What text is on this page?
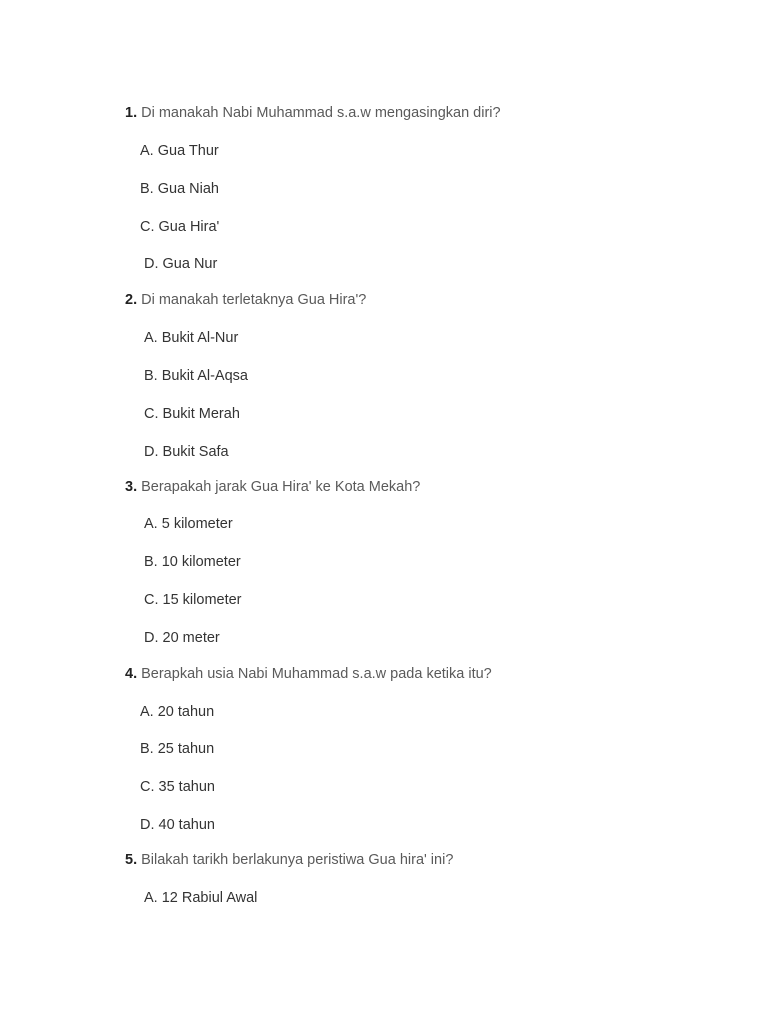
1. Di manakah Nabi Muhammad s.a.w mengasingkan diri?
A. Gua Thur
B. Gua Niah
C. Gua Hira'
D. Gua Nur
2. Di manakah terletaknya Gua Hira'?
A. Bukit Al-Nur
B. Bukit Al-Aqsa
C. Bukit Merah
D. Bukit Safa
3. Berapakah jarak Gua Hira' ke Kota Mekah?
A. 5 kilometer
B. 10 kilometer
C. 15 kilometer
D. 20 meter
4. Berapkah usia Nabi Muhammad s.a.w pada ketika itu?
A. 20 tahun
B. 25 tahun
C. 35 tahun
D. 40 tahun
5. Bilakah tarikh berlakunya peristiwa Gua hira' ini?
A. 12 Rabiul Awal
